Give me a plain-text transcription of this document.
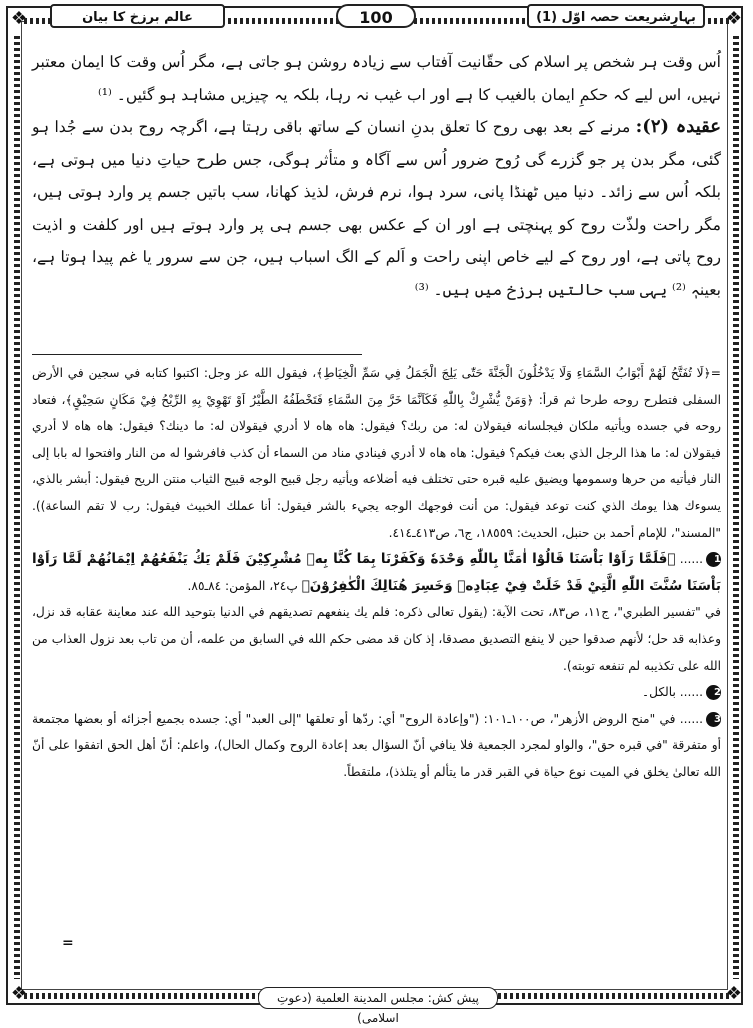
❖	❖
❖	❖
عالم برزخ کا بیان	100	بہارِشریعت حصہ اوّل (1)

اُس وقت ہر شخص پر اسلام کی حقّانیت آفتاب سے زیادہ روشن ہو جاتی ہے، مگر اُس وقت کا ایمان معتبر نہیں، اس لیے کہ حکمِ ایمان بالغیب کا ہے اور اب غیب نہ رہا، بلکہ یہ چیزیں مشاہد ہو گئیں۔ ⁽¹⁾

عقیدہ (۲): مرنے کے بعد بھی روح کا تعلق بدنِ انسان کے ساتھ باقی رہتا ہے، اگرچہ روح بدن سے جُدا ہو گئی، مگر بدن پر جو گزرے گی رُوح ضرور اُس سے آگاہ و متأثر ہوگی، جس طرح حیاتِ دنیا میں ہوتی ہے، بلکہ اُس سے زائد۔ دنیا میں ٹھنڈا پانی، سرد ہوا، نرم فرش، لذیذ کھانا، سب باتیں جسم پر وارد ہوتی ہیں، مگر راحت ولذّت روح کو پہنچتی ہے اور ان کے عکس بھی جسم ہی پر وارد ہوتے ہیں اور کلفت و اذیت روح پاتی ہے، اور روح کے لیے خاص اپنی راحت و اَلم کے الگ اسباب ہیں، جن سے سرور یا غم پیدا ہوتا ہے، بعینہٖ ⁽²⁾ یہی سب حالتیں برزخ میں ہیں۔ ⁽³⁾

=﴿لَا تُفَتَّحُ لَهُمْ أَبْوَابُ السَّمَاءِ وَلَا يَدْخُلُونَ الْجَنَّةَ حَتّٰى يَلِجَ الْجَمَلُ فِي سَمِّ الْخِيَاطِ﴾، فيقول الله عز وجل: اكتبوا كتابه في سجين في الأرض السفلى فتطرح روحه طرحا ثم قرأ: ﴿وَمَنْ يُّشْرِكْ بِاللّٰهِ فَكَاَنَّمَا خَرَّ مِنَ السَّمَاءِ فَتَخْطَفُهُ الطَّيْرُ اَوْ تَهْوِيْ بِهِ الرِّيْحُ فِيْ مَكَانٍ سَحِيْقٍ﴾، فتعاد روحه في جسده ويأتيه ملكان فيجلسانه فيقولان له: من ربك؟ فيقول: هاه هاه لا أدري فيقولان له: ما دينك؟ فيقول: هاه هاه لا أدري فيقولان له: ما هذا الرجل الذي بعث فيكم؟ فيقول: هاه هاه لا أدري فينادي مناد من السماء أن كذب فافرشوا له من النار وافتحوا له بابا إلى النار فيأتيه من حرها وسمومها ويضيق عليه قبره حتى تختلف فيه أضلاعه ويأتيه رجل قبيح الوجه قبيح الثياب منتن الريح فيقول: أبشر بالذي، يسوءك هذا يومك الذي كنت توعد فيقول: من أنت فوجهك الوجه يجيء بالشر فيقول: أنا عملك الخبيث فيقول: رب لا تقم الساعة)). "المسند"، للإمام أحمد بن حنبل، الحديث: ١٨٥٥٩، ج٦، ص٤١٣ـ٤١٤.

1...... ﴿فَلَمَّا رَاَوْا بَاْسَنَا قَالُوْا اٰمَنَّا بِاللّٰهِ وَحْدَهٗ وَكَفَرْنَا بِمَا كُنَّا بِهٖ مُشْرِكِيْنَ فَلَمْ يَكُ يَنْفَعُهُمْ اِيْمَانُهُمْ لَمَّا رَاَوْا بَاْسَنَا سُنَّتَ اللّٰهِ الَّتِيْ قَدْ خَلَتْ فِيْ عِبَادِهٖ وَخَسِرَ هُنَالِكَ الْكٰفِرُوْنَ﴾ پ٢٤، المؤمن: ٨٤ـ٨٥.

في "تفسير الطبري"، ج١١، ص٨٣، تحت الآية: (يقول تعالى ذكره: فلم يك ينفعهم تصديقهم في الدنيا بتوحيد الله عند معاينة عقابه قد نزل، وعذابه قد حل؛ لأنهم صدقوا حين لا ينفع التصديق مصدقا، إذ كان قد مضى حكم الله في السابق من علمه، أن من تاب بعد نزول العذاب من الله على تكذيبه لم تنفعه توبته).

2...... بالکل۔

3...... في "منح الروض الأزهر"، ص١٠٠ـ١٠١: ("وإعادة الروح" أي: ردّها أو تعلقها "إلى العبد" أي: جسده بجميع أجزائه أو بعضها مجتمعة أو متفرقة "في قبره حق"، والواو لمجرد الجمعية فلا ينافي أنّ السؤال بعد إعادة الروح وكمال الحال)، واعلم: أنّ أهل الحق اتفقوا على أنّ الله تعالىٰ يخلق في الميت نوع حياة في القبر قدر ما يتألم أو يتلذذ)، ملتقطاً.

=
پیش کش: مجلس المدینة العلمیة (دعوتِ اسلامی)
